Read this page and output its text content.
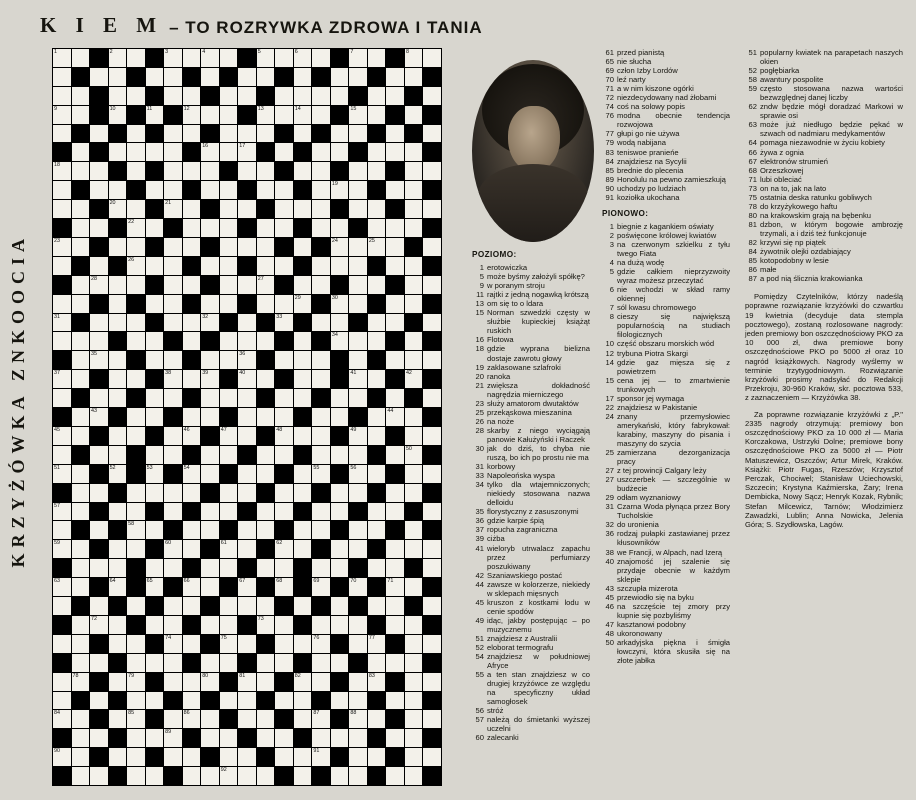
KRZYŻÓWKA ZNKOOCIA
K I E M – TO ROZRYWKA ZDROWA I TANIA
1	2	3	4	5	6	7	8
9	10	11	12	13	14	15
16	17
18
19
20	21
22
23	24	25
26
28	27
29	30
31	32	33
34
35	36
37	38	39	40	41	42
43	44
45	46	47	48	49
50
51	52	53	54	55	56
57
58
59	60	61	62
63	64	65	66	67	68	69	70	71
72	73
74	75	76	77
78	79	80	81	82	83
84	85	86	87	88
89
90	91
92
POZIOMO:
1 erotowiczka
5 może byśmy założyli spółkę?
9 w poranym stroju
11 rajtki z jedną nogawką krótszą
13 om się to o ldara
15 Norman szwedzki częsty w służbie kupieckiej książąt ruskich
16 Flotowa
18 gdzie wyprana bielizna dostaje zawrotu głowy
19 zaklasowane szlafroki
20 ranoka
21 zwiększa dokładność nagrędzia mierniczego
23 służy amatorom dwutaktów
25 przekąskowa mieszanina
26 na noże
28 skarby z niego wyciągają panowie Kałużyński i Raczek
30 jak do dziś, to chyba nie ruszą, bo ich po prostu nie ma
31 korbowy
33 Napoleońska wyspa
34 tylko dla wtajemniczonych; niekiedy stosowana nazwa delloidu
35 florystyczny z zasuszonymi
36 gdzie karpie śpią
37 ropucha zagraniczna
39 ciżba
41 wieloryb utrwalacz zapachu przez perfumiarzy poszukiwany
42 Szaniawskiego postać
44 zawsze w kolorzerze, niekiedy w sklepach mięsnych
45 kruszon z kostkami lodu w cenie spodów
49 idąc, jakby postępując – po muzycznemu
51 znajdziesz z Australii
52 eloborat termografu
54 znajdziesz w południowej Afryce
55 a ten stan znajdziesz w co drugiej krzyżówce ze względu na specyficzny układ samogłosek
56 stróż
57 należą do śmietanki wyższej uczelni
60 zalecanki
61 przed pianistą
65 nie słucha
69 człon Izby Lordów
70 leź narty
71 a w nim kiszone ogórki
72 niezdecydowany nad żłobami
74 coś na solowy popis
76 modna obecnie tendencja rozwojowa
77 głupi go nie używa
79 wodą nabijana
83 teniswoe pranieńe
84 znajdziesz na Sycylii
85 brednie do plecenia
89 Honolulu na pewno zamieszkują
90 uchodzy po ludziach
91 koziołka ukochana
PIONOWO:
1 biegnie z kagankiem oświaty
2 poświęcone królowej kwiatów
3 na czerwonym szkielku z tyłu twego Fiata
4 na dużą wodę
5 gdzie całkiem nieprzyzwoity wyraz możesz przeczytać
6 nie wchodzi w skład ramy okiennej
7 sól kwasu chromowego
8 cieszy się największą popularnością na studiach filologicznych
10 część obszaru morskich wód
12 trybuna Piotra Skargi
14 gdzie gaz mięsza się z powietrzem
15 cena jej — to zmartwienie trunkowych
17 sponsor jej wymaga
22 znajdziesz w Pakistanie
24 znany przemysłowiec amerykański, który fabrykował: karabiny, maszyny do pisania i maszyny do szycia
25 zamierzana dezorganizacja pracy
27 z tej prowincji Calgary leży
27 uszczerbek — szczególnie w budżecie
29 odłam wyznaniowy
31 Czarna Woda płynąca przez Bory Tucholskie
32 do uronienia
36 rodzaj pułapki zastawianej przez kłusowników
38 we Francji, w Alpach, nad Izerą
40 znajomość jej szalenie się przydaje obecnie w każdym sklepie
43 szczupła mizerota
45 przewiodło się na byku
46 na szczęście tej zmory przy kupnie się pozbyliśmy
47 kasztanowi podobny
48 ukoronowany
50 arkadyjska piękna i śmigła łowczyni, która skusiła się na złote jabłka
51 popularny kwiatek na parapetach naszych okien
52 pogłębiarka
58 awantury pospolite
59 często stosowana nazwa wartości bezwzględnej danej liczby
62 zndw będzie mógł doradzać Markowi w sprawie osi
63 może już niedługo będzie pękać w szwach od nadmiaru medykamentów
64 pomaga niezawodnie w życiu kobiety
66 żywa z ognia
67 elektronów strumień
68 Orzeszkowej
71 lubi obleciać
73 on na to, jak na lato
75 ostatnia deska ratunku gobliwych
78 do krzyżykowego haftu
80 na krakowskim grają na bębenku
81 dzbon, w którym bogowie ambrozję trzymali, a i dziś też funkcjonuje
82 krzywi się np piątek
84 żywotnik olejki ozdabiający
85 kotopodobny w lesie
86 małe
87 a pod nią ślicznia krakowianka
Pomiędzy Czytelników, którzy nadeślą poprawne rozwiązanie krzyżówki do czwartku 19 kwietnia (decyduje data stempla pocztowego), zostaną rozlosowane nagrody: jeden premiowy bon oszczędnościowy PKO za 10 000 zł, dwa premiowe bony oszczędnościowe PKO po 5000 zł oraz 10 nagród książkowych. Nagrody wyślemy w terminie trzytygodniowym. Rozwiązanie krzyżówki prosimy nadsyłać do Redakcji Przekroju, 30-960 Kraków, skr. pocztowa 533, z zaznaczeniem — Krzyżówka 38.
Za poprawne rozwiązanie krzyżówki z „P." 2335 nagrody otrzymują: premiowy bon oszczędnościowy PKO za 10 000 zł — Maria Korczakowa, Ustrzyki Dolne; premiowe bony oszczędnościowe PKO za 5000 zł — Piotr Matuszewicz, Oszczów; Artur Mirek, Kraków. Książki: Piotr Fugas, Rzeszów; Krzysztof Perczak, Chociwel; Stanisław Uciechowski, Szczecin; Krystyna Kaźmierska, Żary; Irena Dembicka, Nowy Sącz; Henryk Kozak, Rybnik; Stefan Milcewicz, Tarnów; Włodzimierz Zawadzki, Lublin; Anna Nowicka, Jelenia Góra; S. Szydłowska, Lagów.
